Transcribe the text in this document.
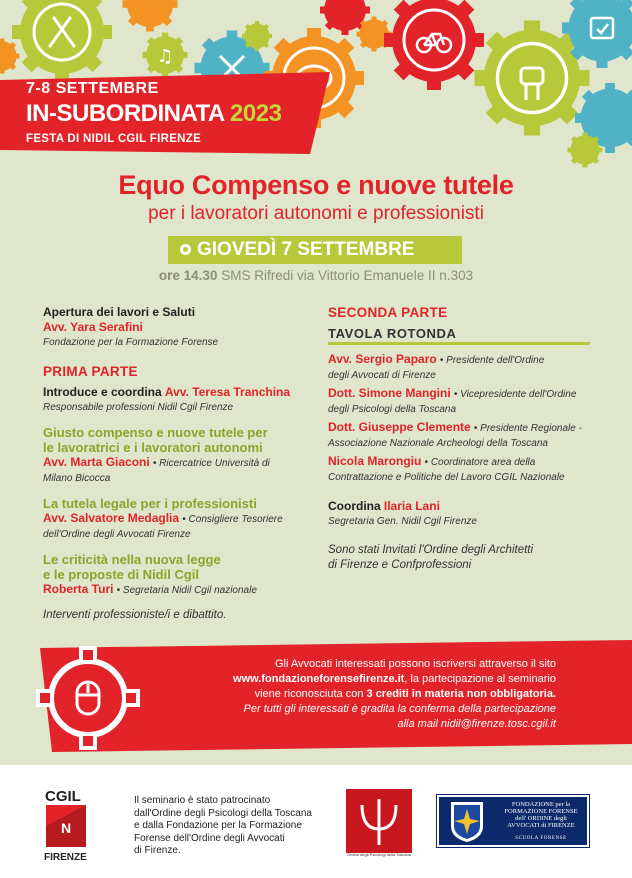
♫
7-8 SETTEMBRE
IN-SUBORDINATA 2023
FESTA DI NIDIL CGIL FIRENZE
Equo Compenso e nuove tutele
per i lavoratori autonomi e professionisti
GIOVEDÌ 7 SETTEMBRE
ore 14.30 SMS Rifredi via Vittorio Emanuele II n.303
Apertura dei lavori e Saluti
Avv. Yara Serafini
Fondazione per la Formazione Forense
PRIMA PARTE
Introduce e coordina Avv. Teresa Tranchina
Responsabile professioni Nidil Cgil Firenze
Giusto compenso e nuove tutele per
le lavoratrici e i lavoratori autonomi
Avv. Marta Giaconi • Ricercatrice Università di
Milano Bicocca
La tutela legale per i professionisti
Avv. Salvatore Medaglia • Consigliere Tesoriere
dell'Ordine degli Avvocati Firenze
Le criticità nella nuova legge
e le proposte di Nidil Cgil
Roberta Turi • Segretaria Nidil Cgil nazionale
Interventi professioniste/i e dibattito.
SECONDA PARTE
TAVOLA ROTONDA
Avv. Sergio Paparo • Presidente dell'Ordine
degli Avvocati di Firenze
Dott. Simone Mangini • Vicepresidente dell'Ordine
degli Psicologi della Toscana
Dott. Giuseppe Clemente • Presidente Regionale -
Associazione Nazionale Archeologi della Toscana
Nicola Marongiu • Coordinatore area della
Contrattazione e Politiche del Lavoro CGIL Nazionale
Coordina Ilaria Lani
Segretaria Gen. Nidil Cgil Firenze
Sono stati Invitati l'Ordine degli Architetti
di Firenze e Confprofessioni
Gli Avvocati interessati possono iscriversi attraverso il sito
www.fondazioneforensefirenze.it, la partecipazione al seminario
viene riconosciuta con 3 crediti in materia non obbligatoria.
Per tutti gli interessati è gradita la conferma della partecipazione
alla mail nidil@firenze.tosc.cgil.it
CGIL
N
FIRENZE
Il seminario è stato patrocinato
dall'Ordine degli Psicologi della Toscana
e dalla Fondazione per la Formazione
Forense dell'Ordine degli Avvocati
di Firenze.	Ordine degli Psicologi della Toscana
FONDAZIONE per la
FORMAZIONE FORENSE
dell' ORDINE degli
AVVOCATI di FIRENZE
SCUOLA FORENSE
